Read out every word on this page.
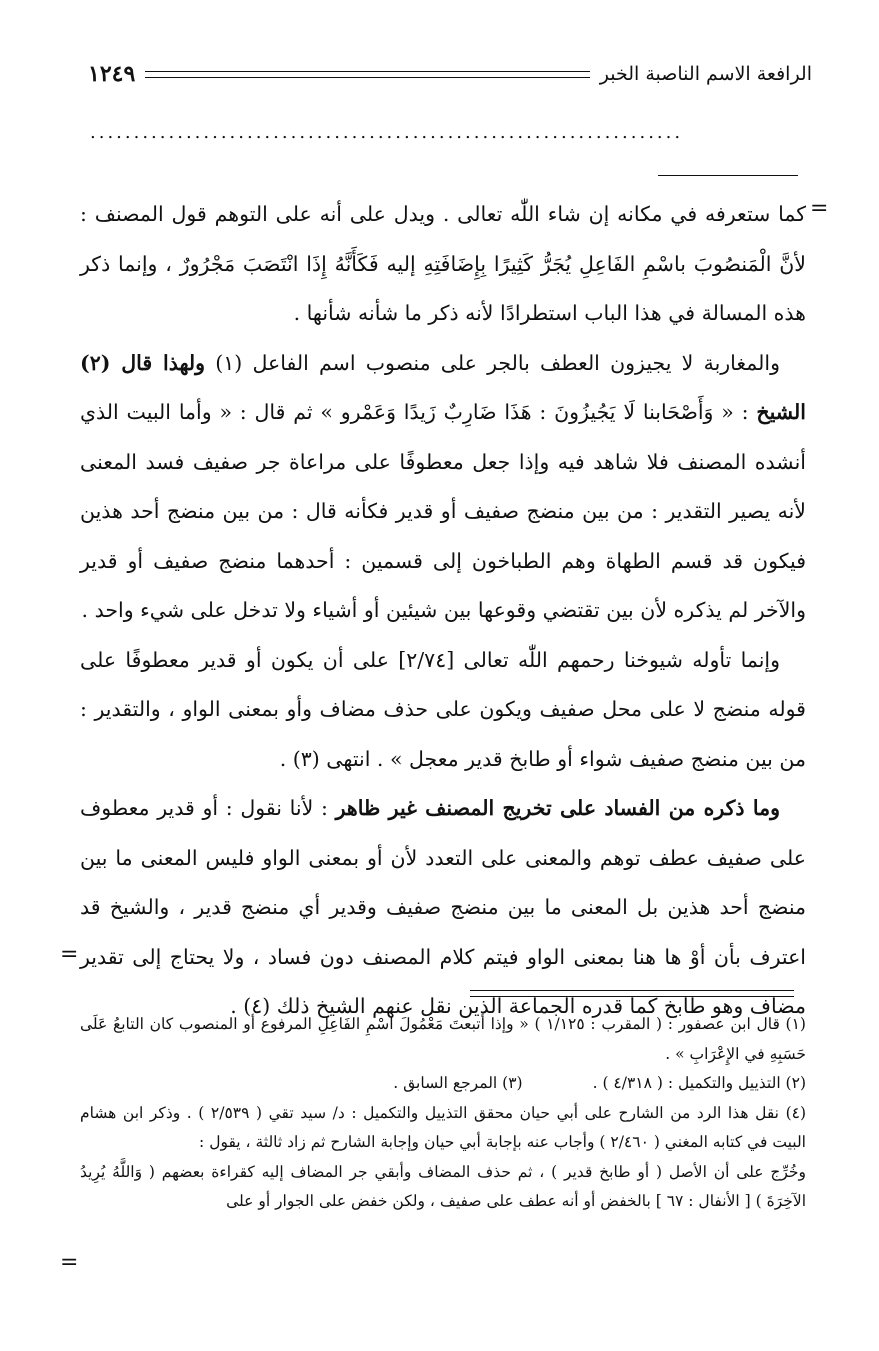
الرافعة الاسم الناصبة الخبر
١٢٤٩
....................................................................
=
=
=

كما ستعرفه في مكانه إن شاء اللّٰه تعالى . ويدل على أنه على التوهم قول المصنف : لأنَّ الْمَنصُوبَ باسْمِ الفَاعِلِ يُجَرُّ كَثِيرًا بِإِضَافَتِهِ إليه فَكَأَنَّهُ إِذَا انْتَصَبَ مَجْرُورٌ ، وإنما ذكر هذه المسالة في هذا الباب استطرادًا لأنه ذكر ما شأنه شأنها .

والمغاربة لا يجيزون العطف بالجر على منصوب اسم الفاعل (١) ولهذا قال (٢) الشيخ : « وَأَصْحَابنا لَا يَجُيزُونَ : هَذَا ضَارِبٌ زَيدًا وَعَمْرو » ثم قال : « وأما البيت الذي أنشده المصنف فلا شاهد فيه وإذا جعل معطوفًا على مراعاة جر صفيف فسد المعنى لأنه يصير التقدير : من بين منضج صفيف أو قدير فكأنه قال : من بين منضج أحد هذين فيكون قد قسم الطهاة وهم الطباخون إلى قسمين : أحدهما منضج صفيف أو قدير والآخر لم يذكره لأن بين تقتضي وقوعها بين شيئين أو أشياء ولا تدخل على شيء واحد .

وإنما تأوله شيوخنا رحمهم اللّٰه تعالى [٢/٧٤] على أن يكون أو قدير معطوفًا على قوله منضج لا على محل صفيف ويكون على حذف مضاف وأو بمعنى الواو ، والتقدير : من بين منضج صفيف شواء أو طابخ قدير معجل » . انتهى (٣) .

وما ذكره من الفساد على تخريج المصنف غير ظاهر : لأنا نقول : أو قدير معطوف على صفيف عطف توهم والمعنى على التعدد لأن أو بمعنى الواو فليس المعنى ما بين منضج أحد هذين بل المعنى ما بين منضج صفيف وقدير أي منضج قدير ، والشيخ قد اعترف بأن أوْ ها هنا بمعنى الواو فيتم كلام المصنف دون فساد ، ولا يحتاج إلى تقدير مضاف وهو طابخ كما قدره الجماعة الذين نقل عنهم الشيخ ذلك (٤) .

(١) قال ابن عصفور : ( المقرب : ١/١٢٥ ) « وإذا أتبعتَ مَعْمُولَ اسْمِ الفَاعِلِ المرفوع أو المنصوب كان التابعُ عَلَى حَسَبِهِ في الإِعْرَابِ » .

(٢) التذييل والتكميل : ( ٤/٣١٨ ) .(٣) المرجع السابق .

(٤) نقل هذا الرد من الشارح على أبي حيان محقق التذييل والتكميل : د/ سيد تقي ( ٢/٥٣٩ ) . وذكر ابن هشام البيت في كتابه المغني ( ٢/٤٦٠ ) وأجاب عنه بإجابة أبي حيان وإجابة الشارح ثم زاد ثالثة ، يقول :

وخُرِّج على أن الأصل ( أو طابخ قدير ) ، ثم حذف المضاف وأبقي جر المضاف إليه كقراءة بعضهم ( وَاللَّهُ يُرِيدُ الآخِرَةَ ) [ الأنفال : ٦٧ ] بالخفض أو أنه عطف على صفيف ، ولكن خفض على الجوار أو على
